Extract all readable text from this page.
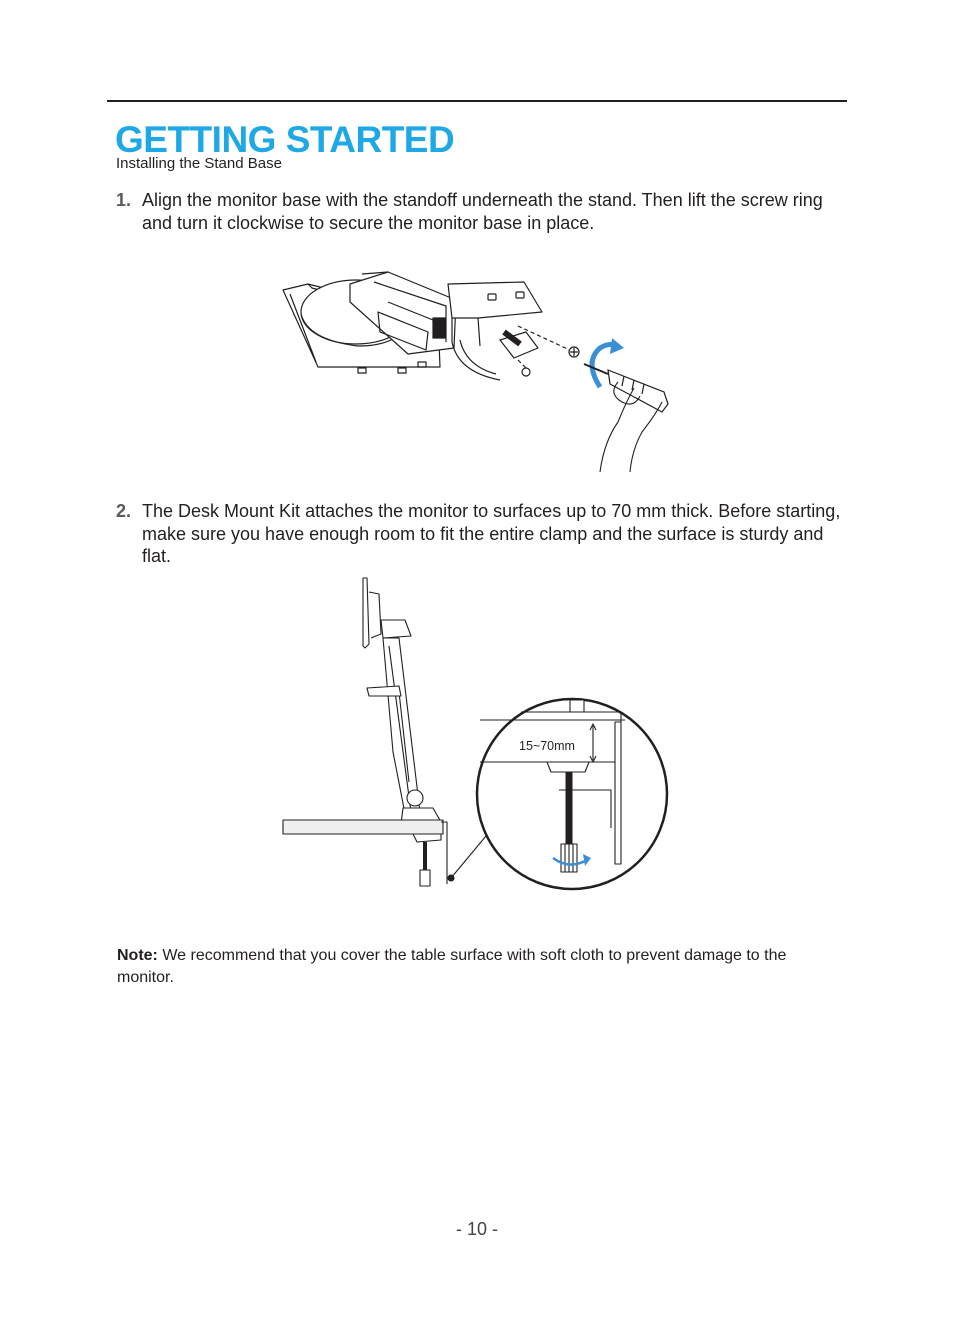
GETTING STARTED
Installing the Stand Base
1. Align the monitor base with the standoff underneath the stand. Then lift the screw ring and turn it clockwise to secure the monitor base in place.
2. The Desk Mount Kit attaches the monitor to surfaces up to 70 mm thick. Before starting, make sure you have enough room to fit the entire clamp and the surface is sturdy and flat.
15~70mm
Note: We recommend that you cover the table surface with soft cloth to prevent damage to the monitor.
- 10 -
